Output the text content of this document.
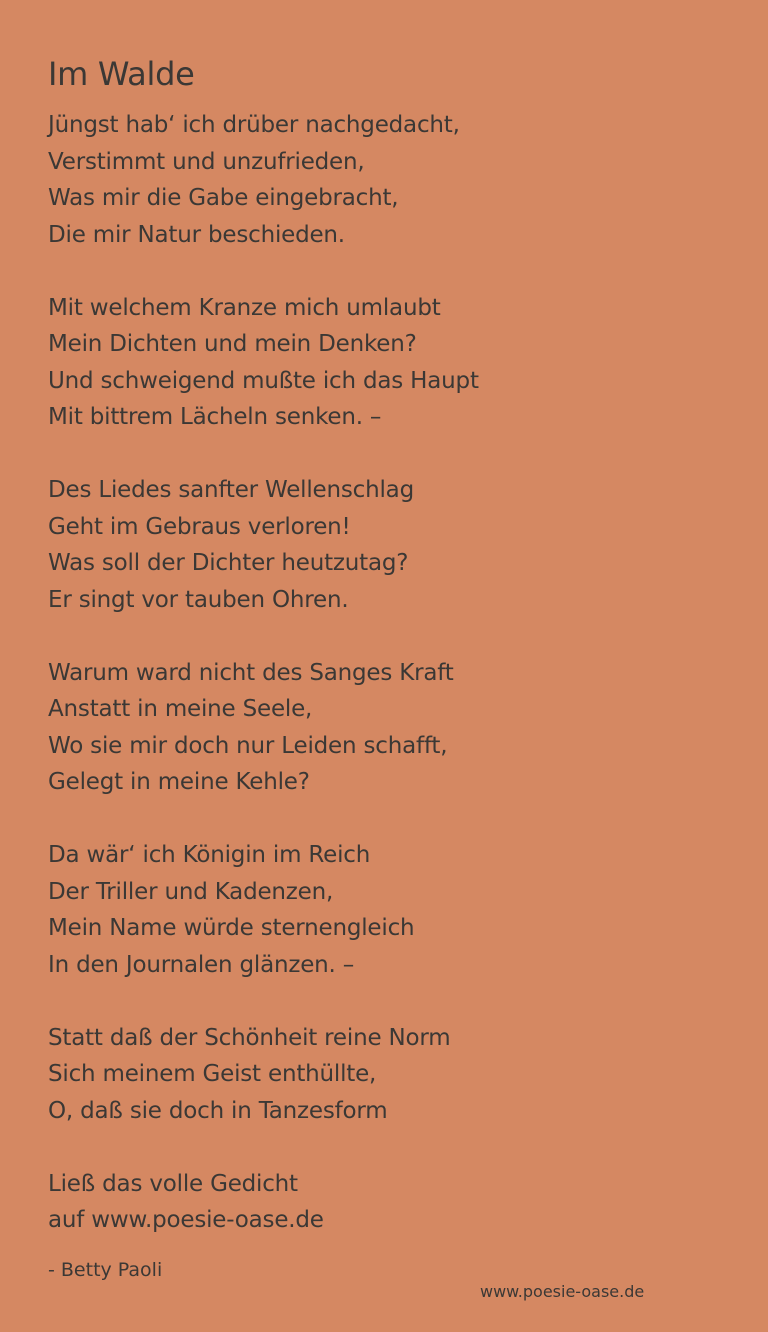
Im Walde
Jüngst hab‘ ich drüber nachgedacht,
Verstimmt und unzufrieden,
Was mir die Gabe eingebracht,
Die mir Natur beschieden.
Mit welchem Kranze mich umlaubt
Mein Dichten und mein Denken?
Und schweigend mußte ich das Haupt
Mit bittrem Lächeln senken. –
Des Liedes sanfter Wellenschlag
Geht im Gebraus verloren!
Was soll der Dichter heutzutag?
Er singt vor tauben Ohren.
Warum ward nicht des Sanges Kraft
Anstatt in meine Seele,
Wo sie mir doch nur Leiden schafft,
Gelegt in meine Kehle?
Da wär‘ ich Königin im Reich
Der Triller und Kadenzen,
Mein Name würde sternengleich
In den Journalen glänzen. –
Statt daß der Schönheit reine Norm
Sich meinem Geist enthüllte,
O, daß sie doch in Tanzesform
Ließ das volle Gedicht
auf www.poesie-oase.de
- Betty Paoli
www.poesie-oase.de
